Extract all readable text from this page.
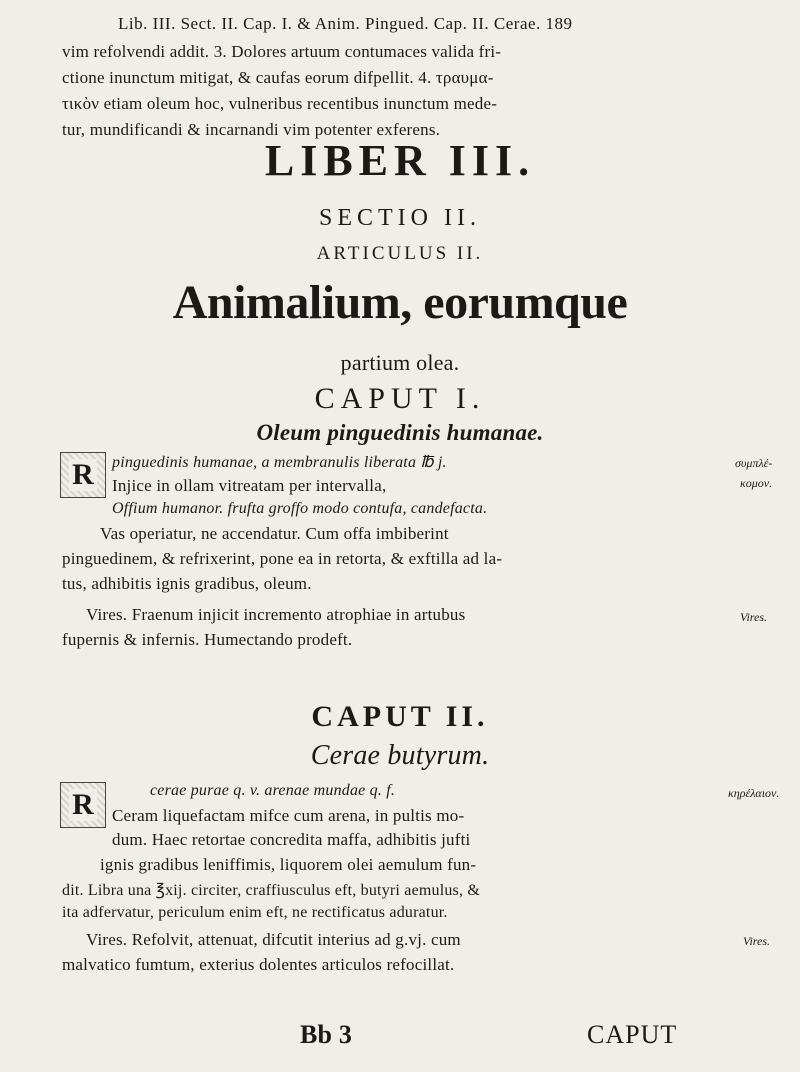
Lib. III. Sect. II. Cap. I. & Anim. Pingued. Cap. II. Cerae. 189
vim refolvendi addit. 3. Dolores artuum contumaces valida fri-
ctione inunctum mitigat, & caufas eorum difpellit. 4. τραυμα-
τικὸν etiam oleum hoc, vulneribus recentibus inunctum mede-
tur, mundificandi & incarnandi vim potenter exferens.
LIBER III.
SECTIO II.
ARTICULUS II.
Animalium, eorumque
partium olea.
CAPUT I.
Oleum pinguedinis humanae.
R pinguedinis humanae, a membranulis liberata ℔ j.
Injice in ollam vitreatam per intervalla,
Offium humanor. frufta groffo modo contufa, candefacta.
Vas operiatur, ne accendatur. Cum offa imbiberint
pinguedinem, & refrixerint, pone ea in retorta, & exftilla ad la-
tus, adhibitis ignis gradibus, oleum.
Vires. Fraenum injicit incremento atrophiae in artubus
fupernis & infernis. Humectando prodeft.
συμπλέ-
κομον.
Vires.
CAPUT II.
Cerae butyrum.
R	cerae purae q. v. arenae mundae q. f.
Ceram liquefactam mifce cum arena, in pultis mo-
dum. Haec retortae concredita maffa, adhibitis jufti
ignis gradibus leniffimis, liquorem olei aemulum fun-
dit. Libra una ℥xij. circiter, craffiusculus eft, butyri aemulus, &
ita adfervatur, periculum enim eft, ne rectificatus aduratur.
Vires. Refolvit, attenuat, difcutit interius ad g.vj. cum
malvatico fumtum, exterius dolentes articulos refocillat.
κηρέλαιον.
Vires.
Bb 3	CAPUT
